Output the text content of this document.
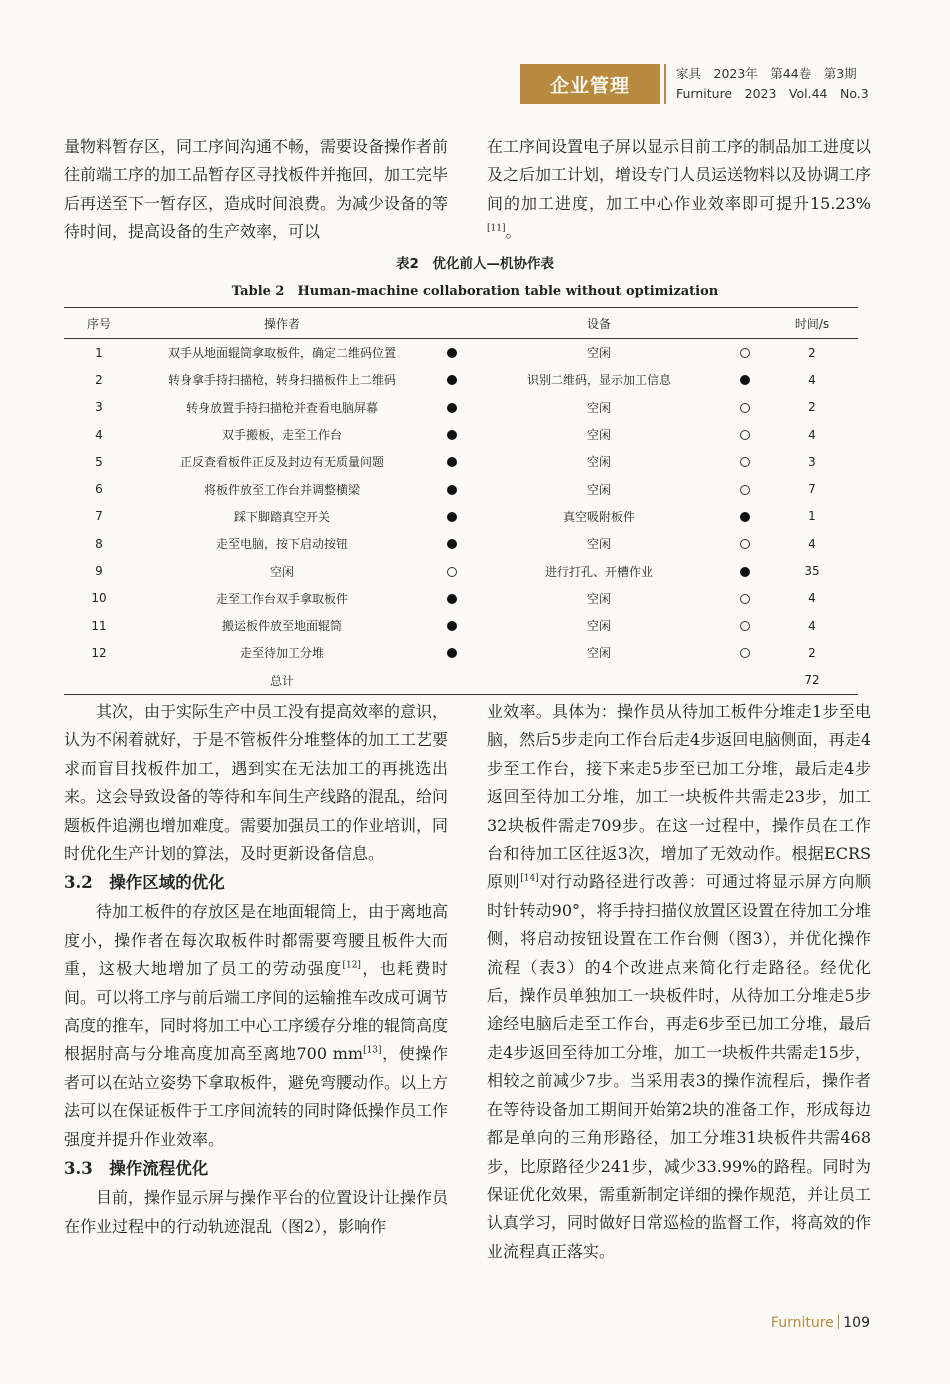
企业管理
家具　2023年　第44卷　第3期
Furniture　2023　Vol.44　No.3

量物料暂存区，同工序间沟通不畅，需要设备操作者前往前端工序的加工品暂存区寻找板件并拖回，加工完毕后再送至下一暂存区，造成时间浪费。为减少设备的等待时间，提高设备的生产效率，可以

在工序间设置电子屏以显示目前工序的制品加工进度以及之后加工计划，增设专门人员运送物料以及协调工序间的加工进度，加工中心作业效率即可提升15.23%[11]。

表2　优化前人—机协作表
Table 2　Human-machine collaboration table without optimization
序号	操作者		设备		时间/s
1	双手从地面辊筒拿取板件，确定二维码位置		空闲		2
2	转身拿手持扫描枪，转身扫描板件上二维码		识别二维码，显示加工信息		4
3	转身放置手持扫描枪并查看电脑屏幕		空闲		2
4	双手搬板，走至工作台		空闲		4
5	正反查看板件正反及封边有无质量问题		空闲		3
6	将板件放至工作台并调整横梁		空闲		7
7	踩下脚踏真空开关		真空吸附板件		1
8	走至电脑，按下启动按钮		空闲		4
9	空闲		进行打孔、开槽作业		35
10	走至工作台双手拿取板件		空闲		4
11	搬运板件放至地面辊筒		空闲		4
12	走至待加工分堆		空闲		2
	总计				72

其次，由于实际生产中员工没有提高效率的意识，认为不闲着就好，于是不管板件分堆整体的加工工艺要求而盲目找板件加工，遇到实在无法加工的再挑选出来。这会导致设备的等待和车间生产线路的混乱，给问题板件追溯也增加难度。需要加强员工的作业培训，同时优化生产计划的算法，及时更新设备信息。

3.2　操作区域的优化

待加工板件的存放区是在地面辊筒上，由于离地高度小，操作者在每次取板件时都需要弯腰且板件大而重，这极大地增加了员工的劳动强度[12]，也耗费时间。可以将工序与前后端工序间的运输推车改成可调节高度的推车，同时将加工中心工序缓存分堆的辊筒高度根据肘高与分堆高度加高至离地700 mm[13]，使操作者可以在站立姿势下拿取板件，避免弯腰动作。以上方法可以在保证板件于工序间流转的同时降低操作员工作强度并提升作业效率。

3.3　操作流程优化

目前，操作显示屏与操作平台的位置设计让操作员在作业过程中的行动轨迹混乱（图2），影响作

业效率。具体为：操作员从待加工板件分堆走1步至电脑，然后5步走向工作台后走4步返回电脑侧面，再走4步至工作台，接下来走5步至已加工分堆，最后走4步返回至待加工分堆，加工一块板件共需走23步，加工32块板件需走709步。在这一过程中，操作员在工作台和待加工区往返3次，增加了无效动作。根据ECRS原则[14]对行动路径进行改善：可通过将显示屏方向顺时针转动90°，将手持扫描仪放置区设置在待加工分堆侧，将启动按钮设置在工作台侧（图3），并优化操作流程（表3）的4个改进点来简化行走路径。经优化后，操作员单独加工一块板件时，从待加工分堆走5步途经电脑后走至工作台，再走6步至已加工分堆，最后走4步返回至待加工分堆，加工一块板件共需走15步，相较之前减少7步。当采用表3的操作流程后，操作者在等待设备加工期间开始第2块的准备工作，形成每边都是单向的三角形路径，加工分堆31块板件共需468步，比原路径少241步，减少33.99%的路程。同时为保证优化效果，需重新制定详细的操作规范，并让员工认真学习，同时做好日常巡检的监督工作，将高效的作业流程真正落实。

Furniture 109
